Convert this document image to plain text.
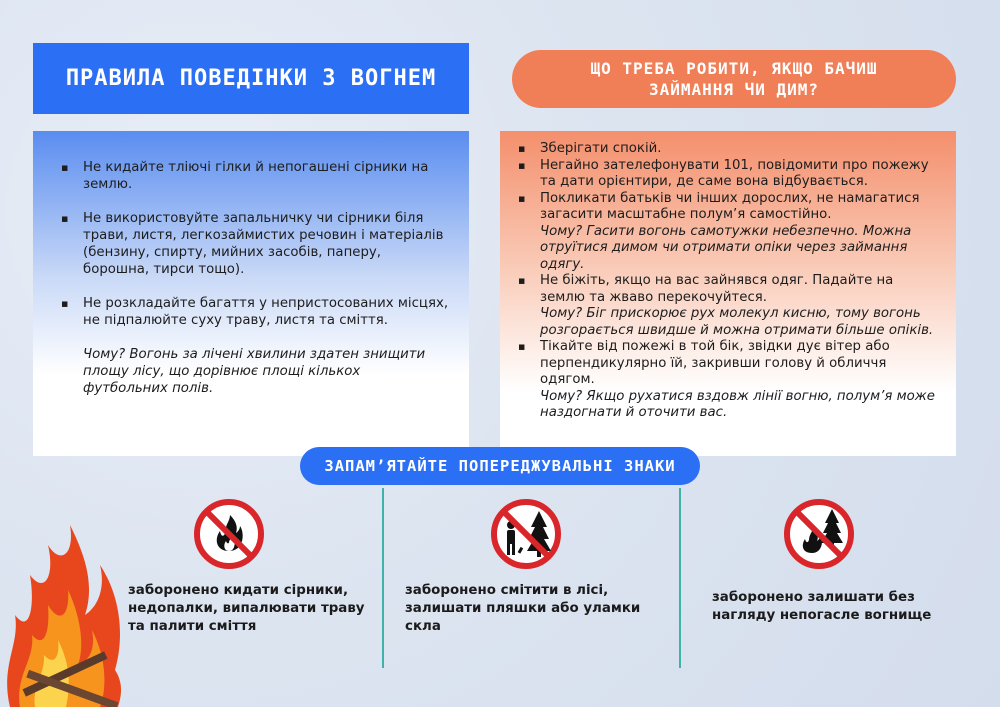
ПРАВИЛА ПОВЕДІНКИ З ВОГНЕМ	ЩО ТРЕБА РОБИТИ, ЯКЩО БАЧИШ
ЗАЙМАННЯ ЧИ ДИМ?
▪ Не кидайте тліючі гілки й непогашені сірники на землю.
▪ Не використовуйте запальничку чи сірники біля трави, листя, легкозаймистих речовин і матеріалів (бензину, спирту, мийних засобів, паперу, борошна, тирси тощо).
▪ Не розкладайте багаття у непристосованих місцях, не підпалюйте суху траву, листя та сміття.
Чому? Вогонь за лічені хвилини здатен знищити площу лісу, що дорівнює площі кількох футбольних полів.
▪ Зберігати спокій.
▪ Негайно зателефонувати 101, повідомити про пожежу та дати орієнтири, де саме вона відбувається.
▪ Покликати батьків чи інших дорослих, не намагатися загасити масштабне полум’я самостійно.
Чому? Гасити вогонь самотужки небезпечно. Можна отруїтися димом чи отримати опіки через займання одягу.
▪ Не біжіть, якщо на вас зайнявся одяг. Падайте на землю та жваво перекочуйтеся.
Чому? Біг прискорює рух молекул кисню, тому вогонь розгорається швидше й можна отримати більше опіків.
▪ Тікайте від пожежі в той бік, звідки дує вітер або перпендикулярно їй, закривши голову й обличчя одягом.
Чому? Якщо рухатися вздовж лінії вогню, полум’я може наздогнати й оточити вас.
ЗАПАМ’ЯТАЙТЕ ПОПЕРЕДЖУВАЛЬНІ ЗНАКИ
заборонено кидати сірники, недопалки, випалювати траву та палити сміття
заборонено смітити в лісі, залишати пляшки або уламки скла
заборонено залишати без нагляду непогасле вогнище
